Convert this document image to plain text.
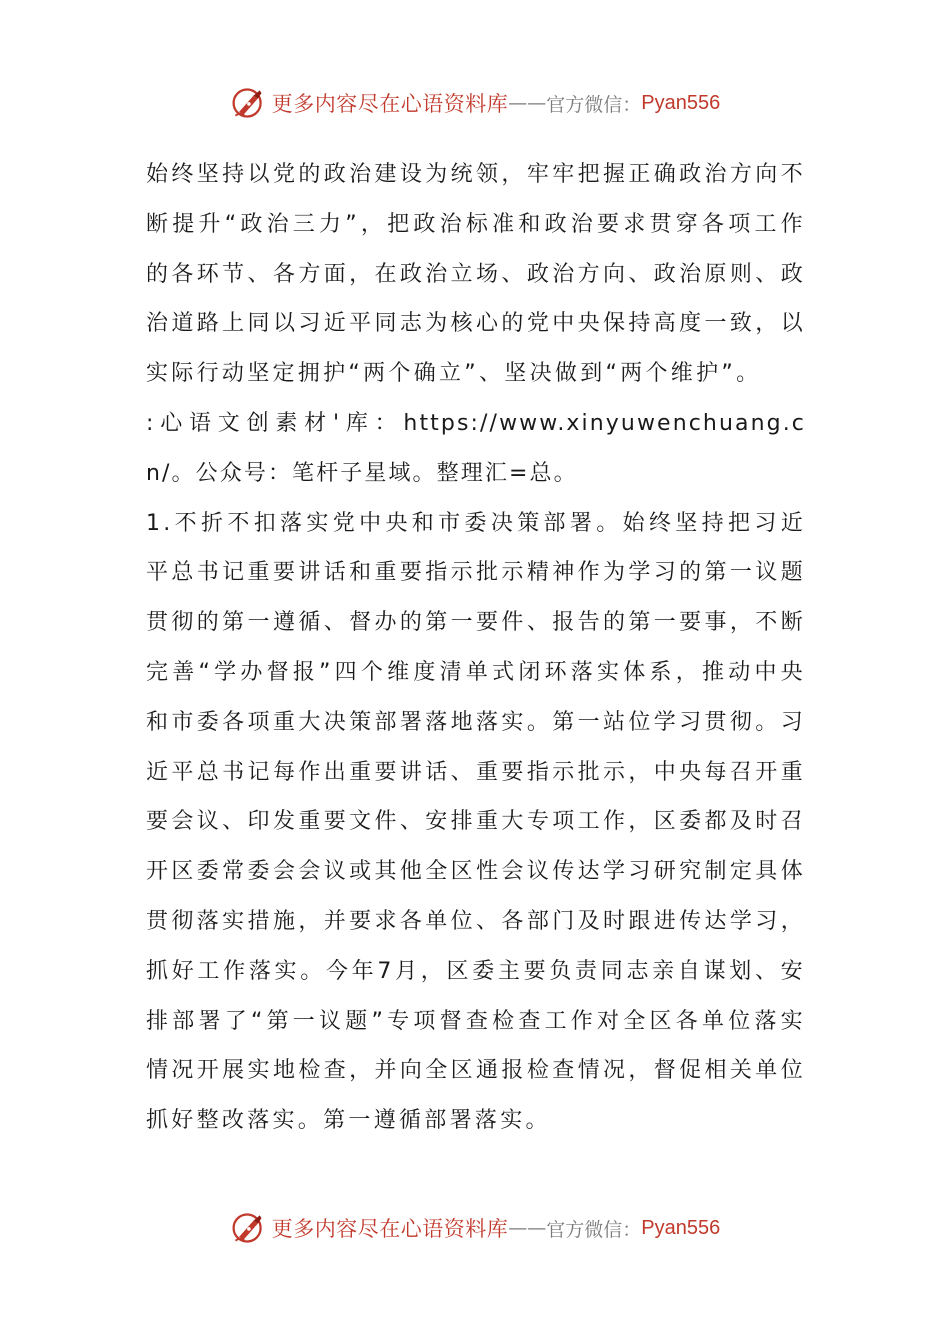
更多内容尽在心语资料库 —— 官方微信： Pyan556

始终坚持以党的政治建设为统领，牢牢把握正确政治方向不断提升“政治三力”，把政治标准和政治要求贯穿各项工作的各环节、各方面，在政治立场、政治方向、政治原则、政治道路上同以习近平同志为核心的党中央保持高度一致，以实际行动坚定拥护“两个确立”、坚决做到“两个维护”。

:心语文创素材'库：https://www.xinyuwenchuang.cn/。公众号：笔杆子星域。整理汇=总。

1.不折不扣落实党中央和市委决策部署。始终坚持把习近平总书记重要讲话和重要指示批示精神作为学习的第一议题贯彻的第一遵循、督办的第一要件、报告的第一要事，不断完善“学办督报”四个维度清单式闭环落实体系，推动中央和市委各项重大决策部署落地落实。第一站位学习贯彻。习近平总书记每作出重要讲话、重要指示批示，中央每召开重要会议、印发重要文件、安排重大专项工作，区委都及时召开区委常委会会议或其他全区性会议传达学习研究制定具体贯彻落实措施，并要求各单位、各部门及时跟进传达学习，抓好工作落实。今年7月，区委主要负责同志亲自谋划、安排部署了“第一议题”专项督查检查工作对全区各单位落实情况开展实地检查，并向全区通报检查情况，督促相关单位抓好整改落实。第一遵循部署落实。

更多内容尽在心语资料库 —— 官方微信： Pyan556
